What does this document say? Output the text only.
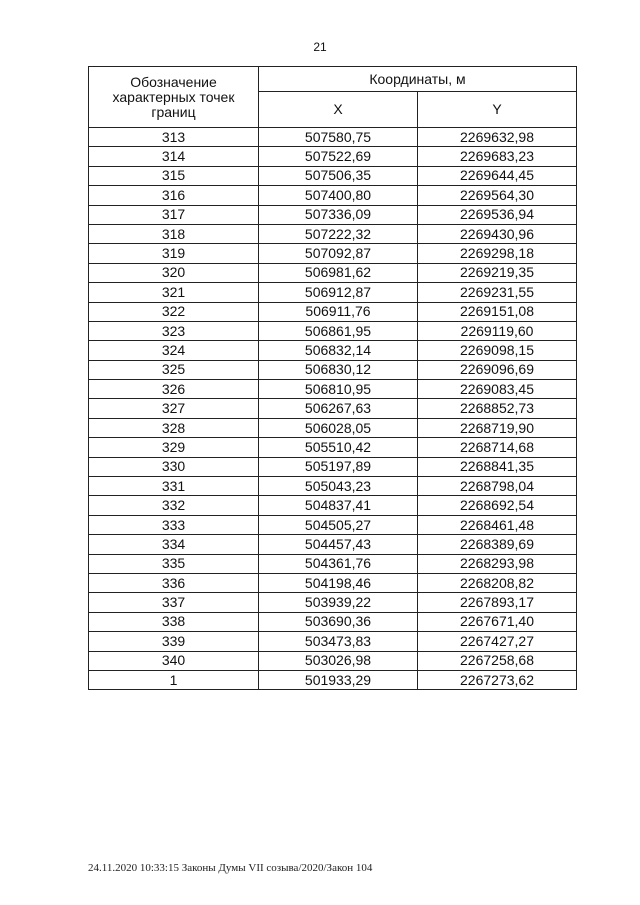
21
Обозначение характерных точек границ	Координаты, м	
	X	Y
313	507580,75	2269632,98
314	507522,69	2269683,23
315	507506,35	2269644,45
316	507400,80	2269564,30
317	507336,09	2269536,94
318	507222,32	2269430,96
319	507092,87	2269298,18
320	506981,62	2269219,35
321	506912,87	2269231,55
322	506911,76	2269151,08
323	506861,95	2269119,60
324	506832,14	2269098,15
325	506830,12	2269096,69
326	506810,95	2269083,45
327	506267,63	2268852,73
328	506028,05	2268719,90
329	505510,42	2268714,68
330	505197,89	2268841,35
331	505043,23	2268798,04
332	504837,41	2268692,54
333	504505,27	2268461,48
334	504457,43	2268389,69
335	504361,76	2268293,98
336	504198,46	2268208,82
337	503939,22	2267893,17
338	503690,36	2267671,40
339	503473,83	2267427,27
340	503026,98	2267258,68
1	501933,29	2267273,62
24.11.2020 10:33:15 Законы Думы VII созыва/2020/Закон 104
